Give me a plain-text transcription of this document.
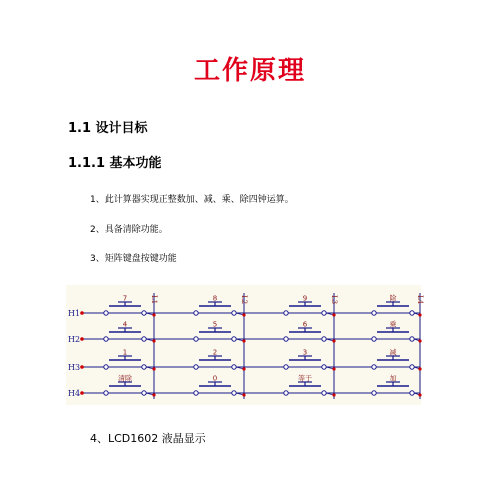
工作原理
1.1 设计目标
1.1.1 基本功能
1、此计算器实现正整数加、减、乘、除四钟运算。
2、具备清除功能。
3、矩阵键盘按键功能
H1
H2
H3
H4
L1	L2	L3	L4
7	8	9	除
4	5	6	乘
1	2	3	减
清除	0	等于	加
4、LCD1602 液晶显示
